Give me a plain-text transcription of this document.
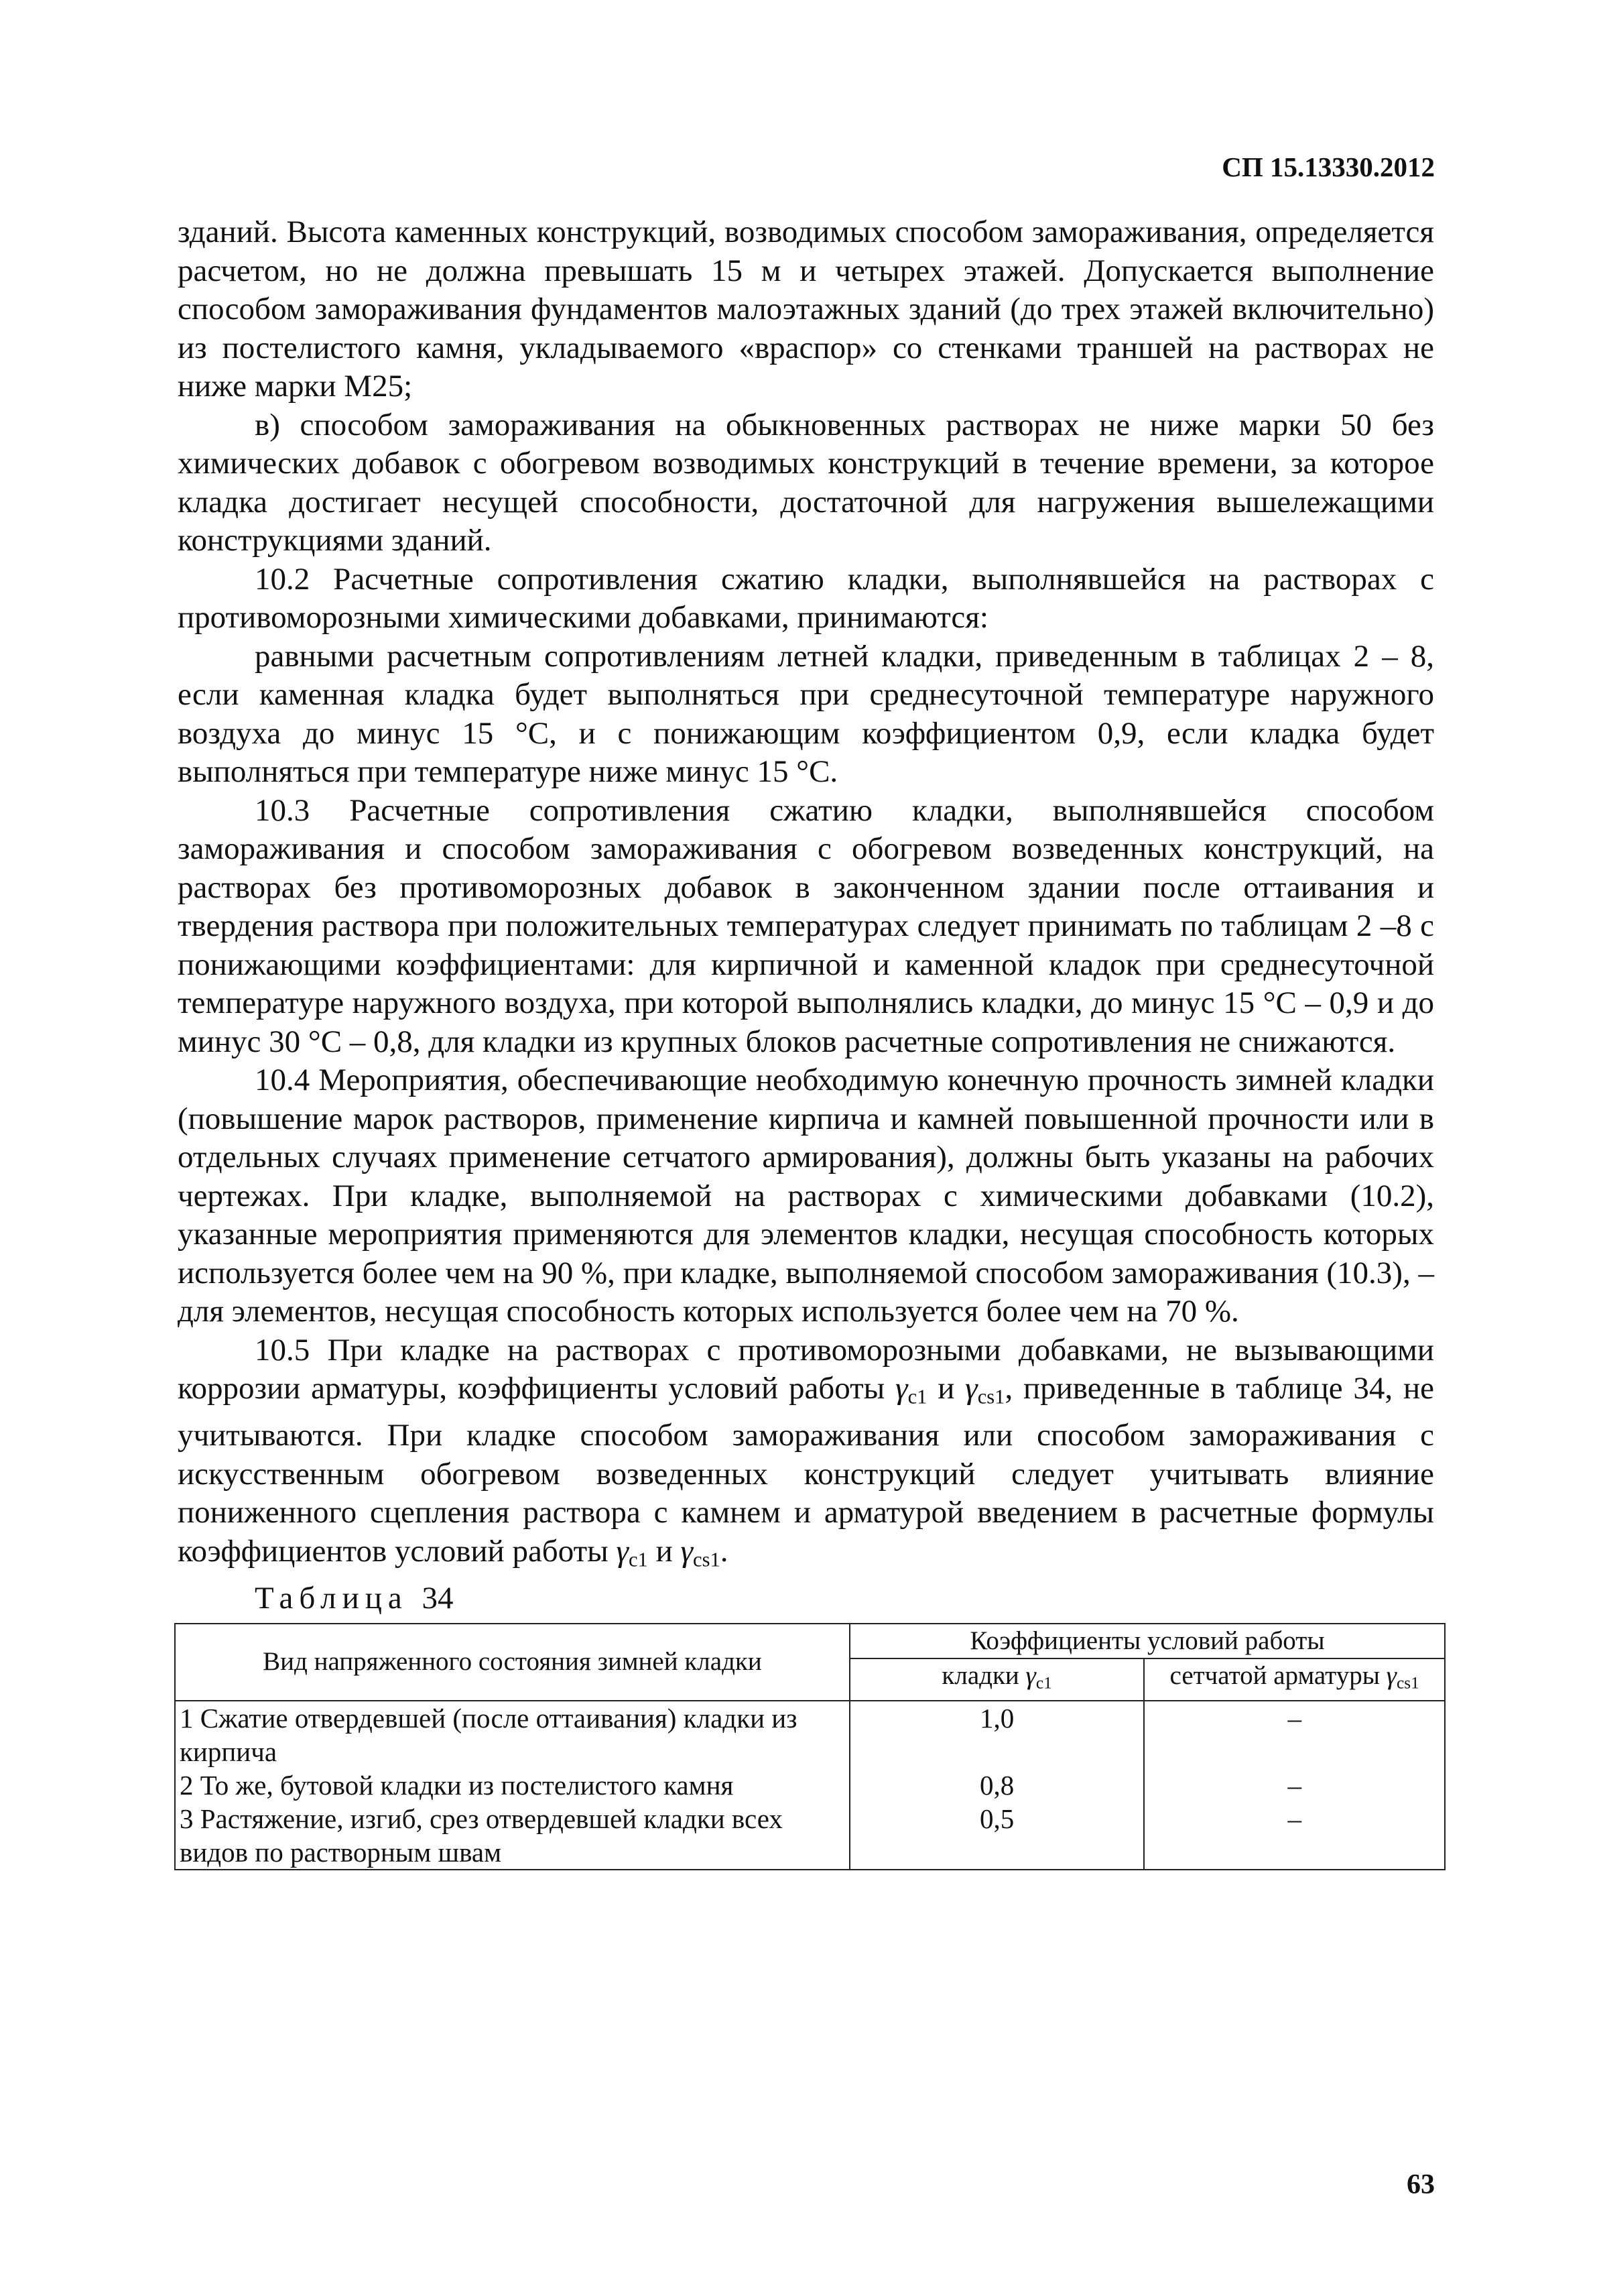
СП 15.13330.2012

зданий. Высота каменных конструкций, возводимых способом замораживания, определяется расчетом, но не должна превышать 15 м и четырех этажей. Допускается выполнение способом замораживания фундаментов малоэтажных зданий (до трех этажей включительно) из постелистого камня, укладываемого «враспор» со стенками траншей на растворах не ниже марки М25;

в) способом замораживания на обыкновенных растворах не ниже марки 50 без химических добавок с обогревом возводимых конструкций в течение времени, за которое кладка достигает несущей способности, достаточной для нагружения вышележащими конструкциями зданий.

10.2 Расчетные сопротивления сжатию кладки, выполнявшейся на растворах с противоморозными химическими добавками, принимаются:

равными расчетным сопротивлениям летней кладки, приведенным в таблицах 2 – 8, если каменная кладка будет выполняться при среднесуточной температуре наружного воздуха до минус 15 °С, и с понижающим коэффициентом 0,9, если кладка будет выполняться при температуре ниже минус 15 °С.

10.3 Расчетные сопротивления сжатию кладки, выполнявшейся способом замораживания и способом замораживания с обогревом возведенных конструкций, на растворах без противоморозных добавок в законченном здании после оттаивания и твердения раствора при положительных температурах следует принимать по таблицам 2 –8 с понижающими коэффициентами: для кирпичной и каменной кладок при среднесуточной температуре наружного воздуха, при которой выполнялись кладки, до минус 15 °С – 0,9 и до минус 30 °С – 0,8, для кладки из крупных блоков расчетные сопротивления не снижаются.

10.4 Мероприятия, обеспечивающие необходимую конечную прочность зимней кладки (повышение марок растворов, применение кирпича и камней повышенной прочности или в отдельных случаях применение сетчатого армирования), должны быть указаны на рабочих чертежах. При кладке, выполняемой на растворах с химическими добавками (10.2), указанные мероприятия применяются для элементов кладки, несущая способность которых используется более чем на 90 %, при кладке, выполняемой способом замораживания (10.3), – для элементов, несущая способность которых используется более чем на 70 %.

10.5 При кладке на растворах с противоморозными добавками, не вызывающими коррозии арматуры, коэффициенты условий работы $\gamma_{c1}$ и $\gamma_{cs1}$, приведенные в таблице 34, не учитываются. При кладке способом замораживания или способом замораживания с искусственным обогревом возведенных конструкций следует учитывать влияние пониженного сцепления раствора с камнем и арматурой введением в расчетные формулы коэффициентов условий работы $\gamma_{c1}$ и $\gamma_{cs1}$.

Таблица 34

Вид напряженного состояния зимней кладки	Коэффициенты условий работы	
	кладки $\gamma_{c1}$	сетчатой арматуры $\gamma_{cs1}$
1 Сжатие отвердевшей (после оттаивания) кладки из кирпича	1,0	–
2 То же, бутовой кладки из постелистого камня	0,8	–
3 Растяжение, изгиб, срез отвердевшей кладки всех видов по растворным швам	0,5	–
63
